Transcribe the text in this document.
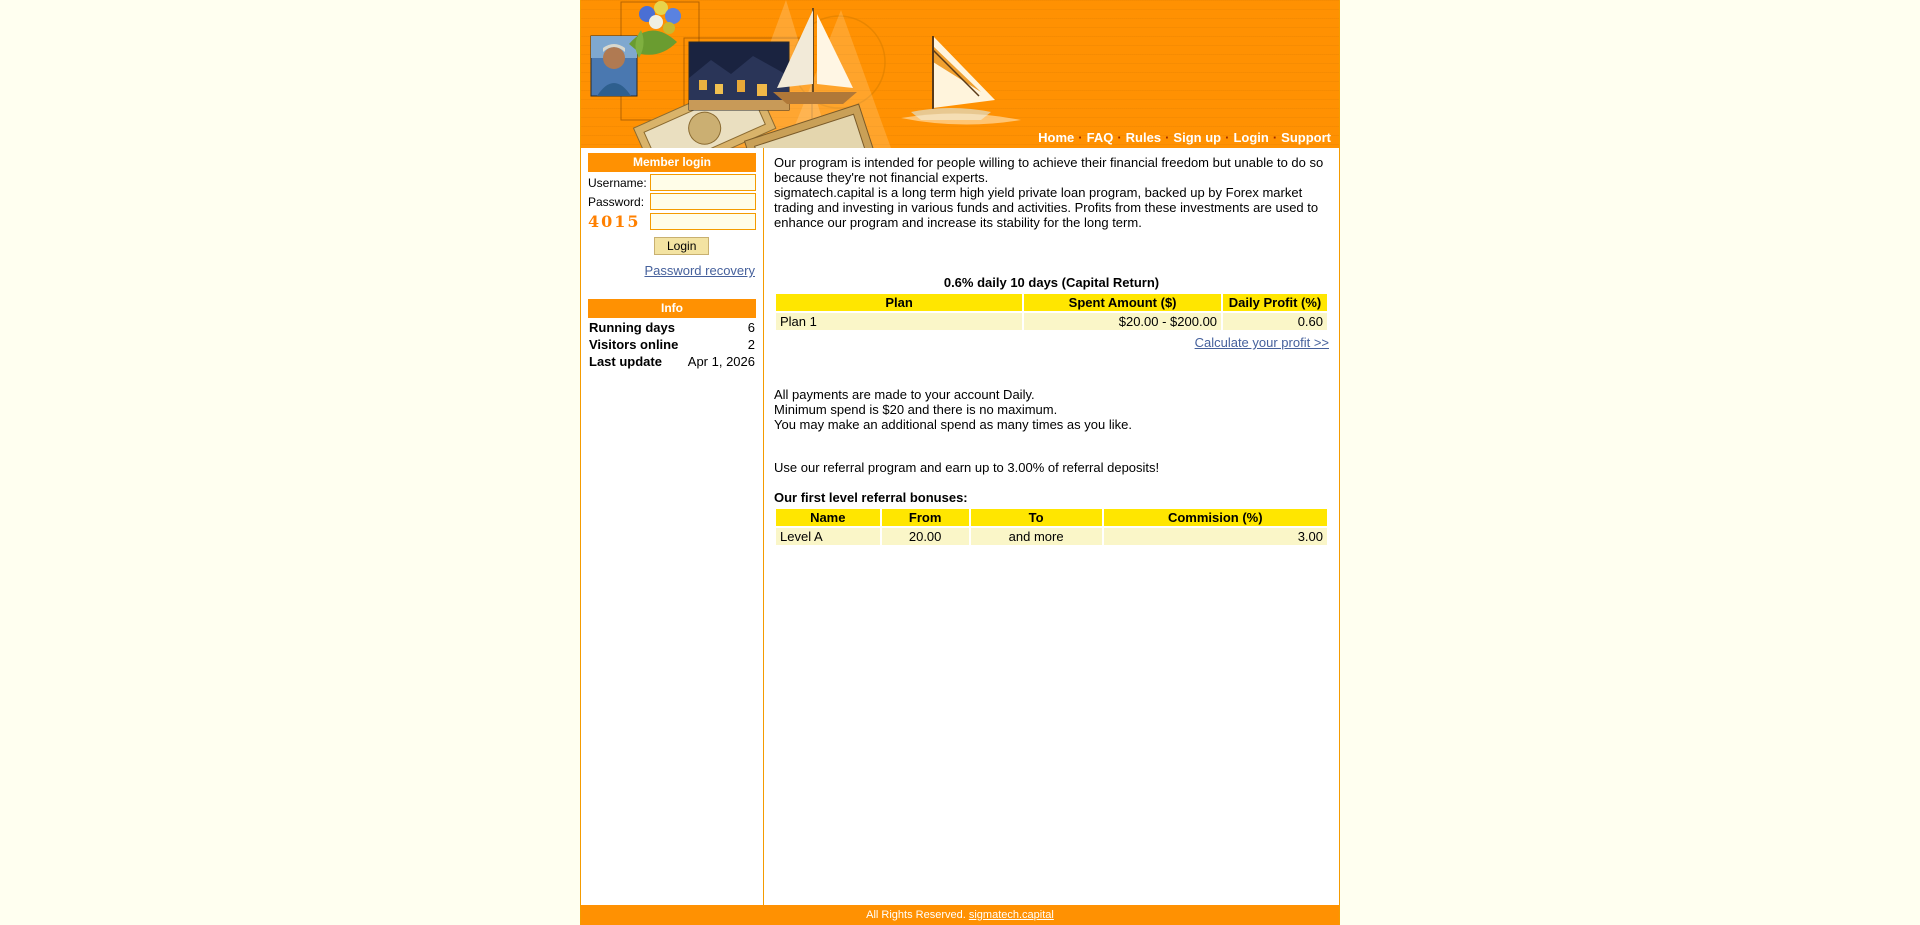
Home · FAQ · Rules · Sign up · Login · Support
Member login
Username:
Password:
4015
Login
Password recovery
Info
Running days	6
Visitors online	2
Last update Apr 1, 2026

Our program is intended for people willing to achieve their financial freedom but unable to do so because they're not financial experts.
sigmatech.capital is a long term high yield private loan program, backed up by Forex market trading and investing in various funds and activities. Profits from these investments are used to enhance our program and increase its stability for the long term.

0.6% daily 10 days (Capital Return)
Plan	Spent Amount ($)	Daily Profit (%)
Plan 1	$20.00 - $200.00	0.60
Calculate your profit >>

All payments are made to your account Daily.
Minimum spend is $20 and there is no maximum.
You may make an additional spend as many times as you like.

Use our referral program and earn up to 3.00% of referral deposits!

Our first level referral bonuses:

Name	From	To	Commision (%)
Level A	20.00	and more	3.00
All Rights Reserved. sigmatech.capital
